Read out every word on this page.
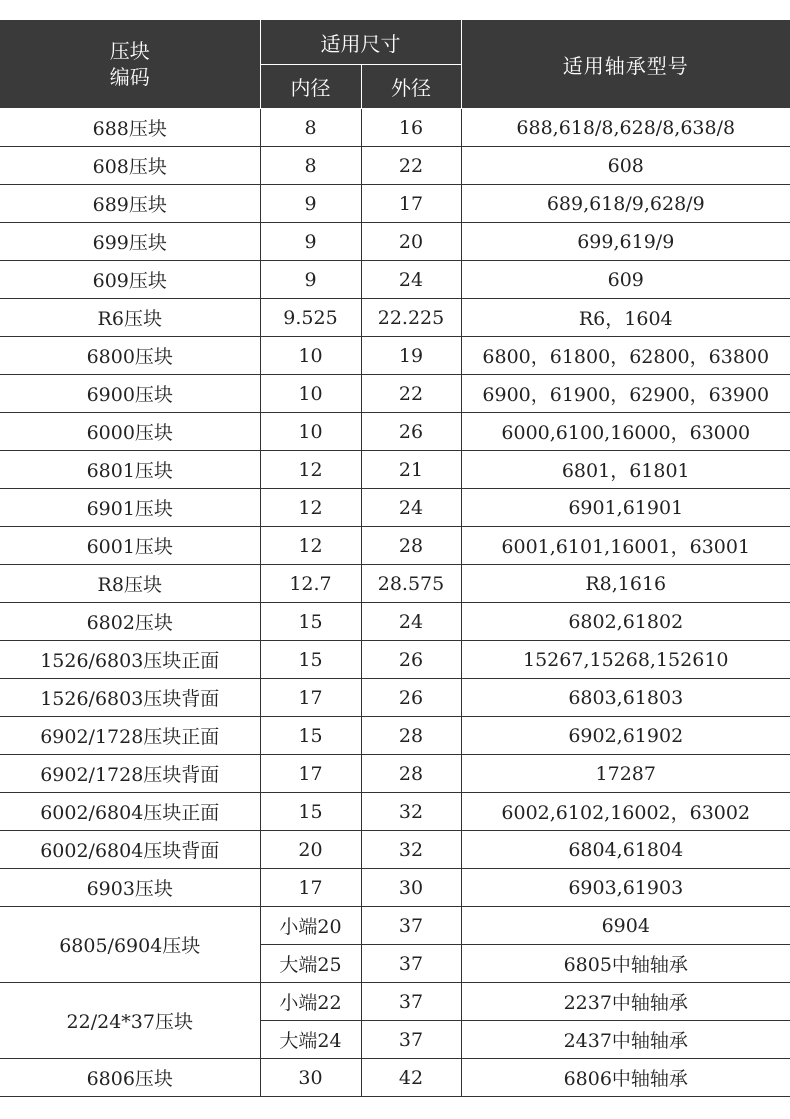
压块
编码	适用尺寸		适用轴承型号
	内径	外径	
688压块	8	16	688,618/8,628/8,638/8
608压块	8	22	608
689压块	9	17	689,618/9,628/9
699压块	9	20	699,619/9
609压块	9	24	609
R6压块	9.525	22.225	R6，1604
6800压块	10	19	6800，61800，62800，63800
6900压块	10	22	6900，61900，62900，63900
6000压块	10	26	6000,6100,16000，63000
6801压块	12	21	6801，61801
6901压块	12	24	6901,61901
6001压块	12	28	6001,6101,16001，63001
R8压块	12.7	28.575	R8,1616
6802压块	15	24	6802,61802
1526/6803压块正面	15	26	15267,15268,152610
1526/6803压块背面	17	26	6803,61803
6902/1728压块正面	15	28	6902,61902
6902/1728压块背面	17	28	17287
6002/6804压块正面	15	32	6002,6102,16002，63002
6002/6804压块背面	20	32	6804,61804
6903压块	17	30	6903,61903
6805/6904压块	小端20	37	6904
	大端25	37	6805中轴轴承
22/24*37压块	小端22	37	2237中轴轴承
	大端24	37	2437中轴轴承
6806压块	30	42	6806中轴轴承
